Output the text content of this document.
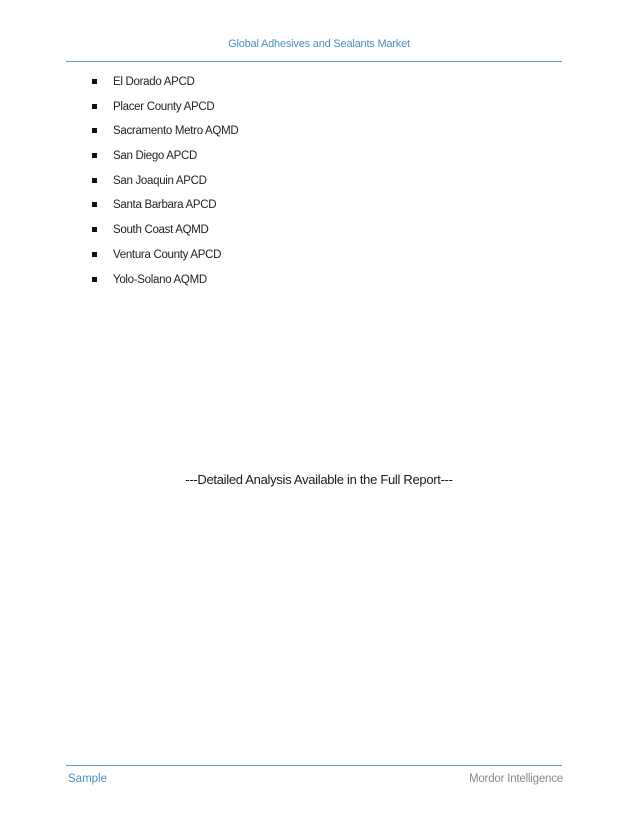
Global Adhesives and Sealants Market
El Dorado APCD
Placer County APCD
Sacramento Metro AQMD
San Diego APCD
San Joaquin APCD
Santa Barbara APCD
South Coast AQMD
Ventura County APCD
Yolo-Solano AQMD
---Detailed Analysis Available in the Full Report---
Sample	Mordor Intelligence
